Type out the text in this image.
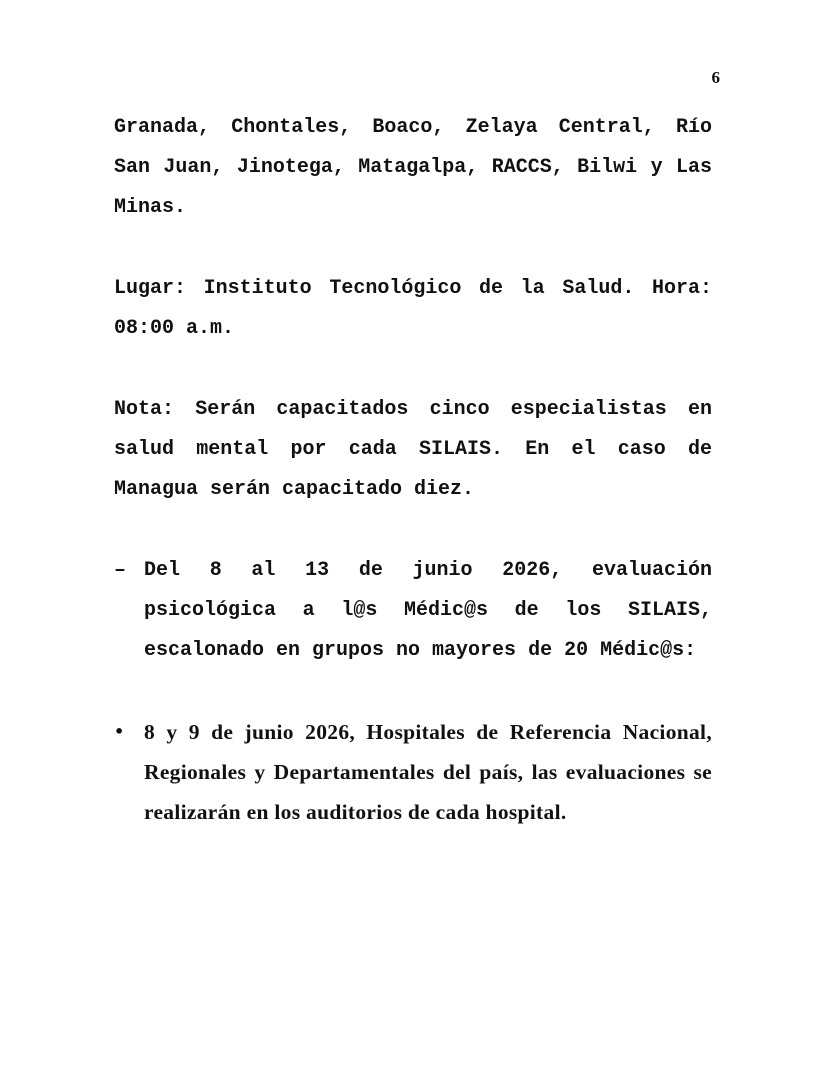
6

Granada, Chontales, Boaco, Zelaya Central, Río San Juan, Jinotega, Matagalpa, RACCS, Bilwi y Las Minas.

Lugar: Instituto Tecnológico de la Salud. Hora: 08:00 a.m.

Nota: Serán capacitados cinco especialistas en salud mental por cada SILAIS. En el caso de Managua serán capacitado diez.

– Del 8 al 13 de junio 2026, evaluación psicológica a l@s Médic@s de los SILAIS, escalonado en grupos no mayores de 20 Médic@s:
• 8 y 9 de junio 2026, Hospitales de Referencia Nacional, Regionales y Departamentales del país, las evaluaciones se realizarán en los auditorios de cada hospital.
